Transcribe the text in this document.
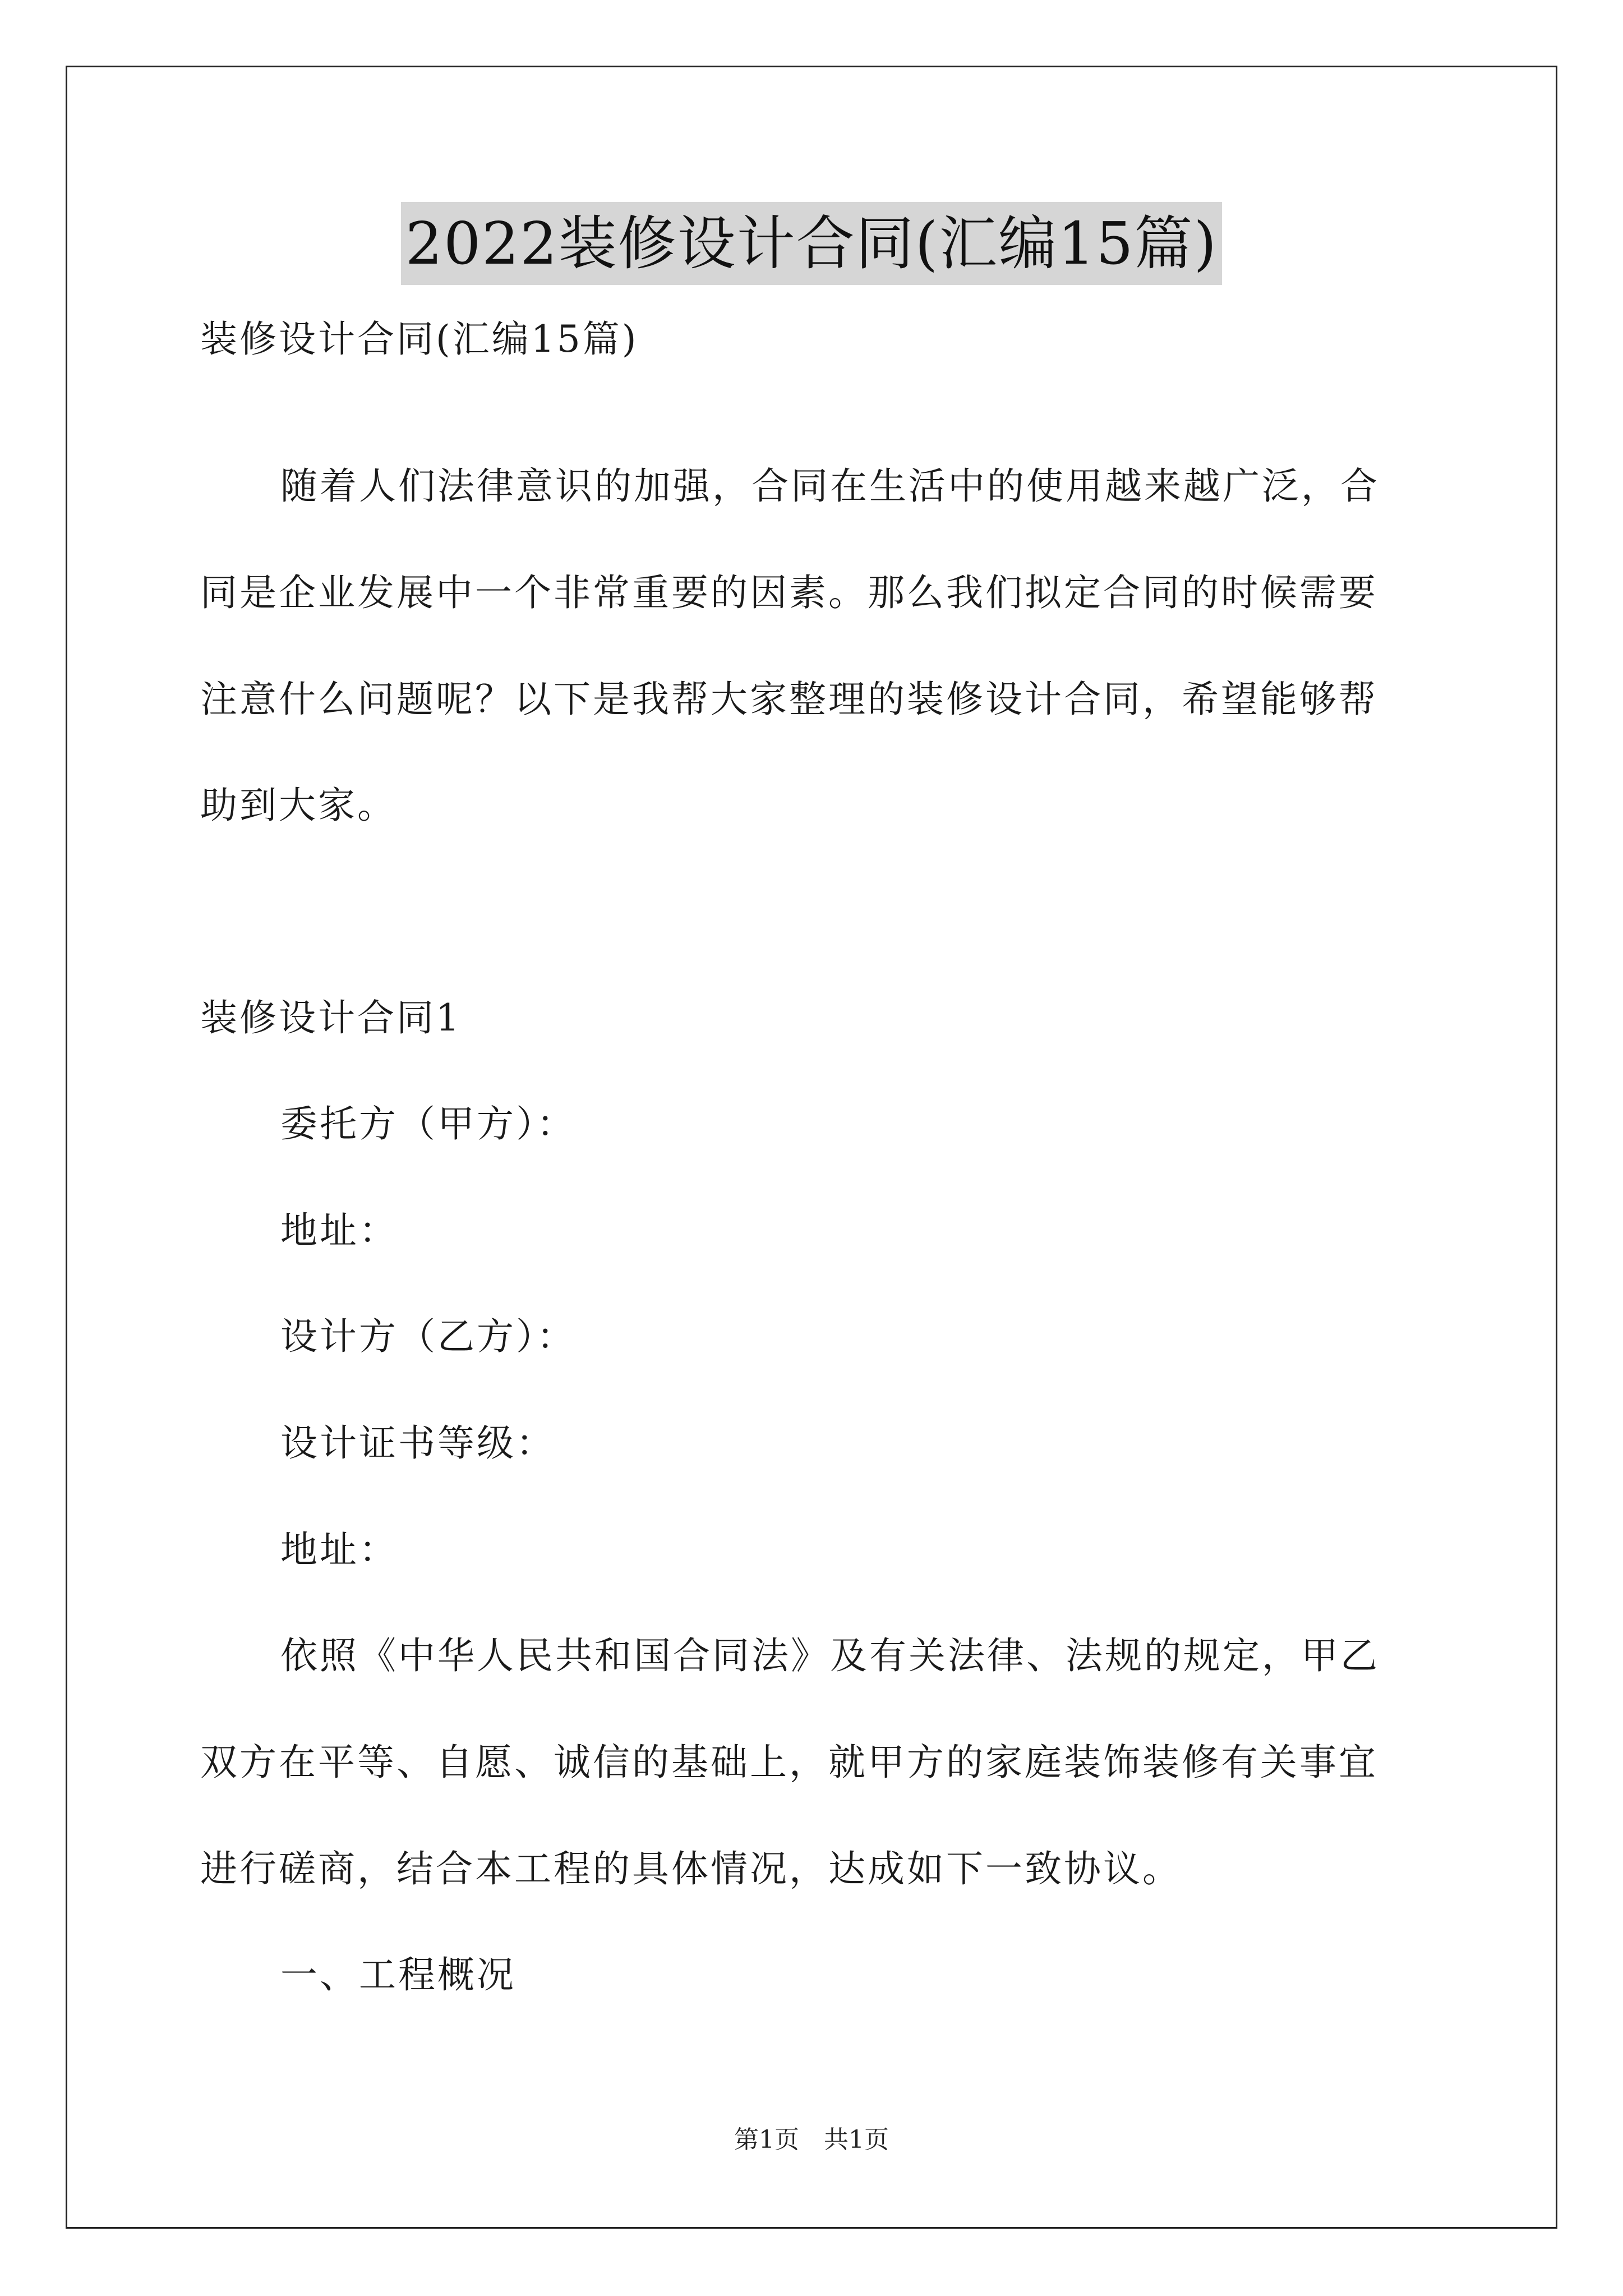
2022装修设计合同(汇编15篇)
装修设计合同(汇编15篇)
随着人们法律意识的加强，合同在生活中的使用越来越广泛，合
同是企业发展中一个非常重要的因素。那么我们拟定合同的时候需要
注意什么问题呢？以下是我帮大家整理的装修设计合同，希望能够帮
助到大家。
装修设计合同1
委托方（甲方）：
地址：
设计方（乙方）：
设计证书等级：
地址：
依照《中华人民共和国合同法》及有关法律、法规的规定，甲乙
双方在平等、自愿、诚信的基础上，就甲方的家庭装饰装修有关事宜
进行磋商，结合本工程的具体情况，达成如下一致协议。
一、工程概况
第1页　共1页
